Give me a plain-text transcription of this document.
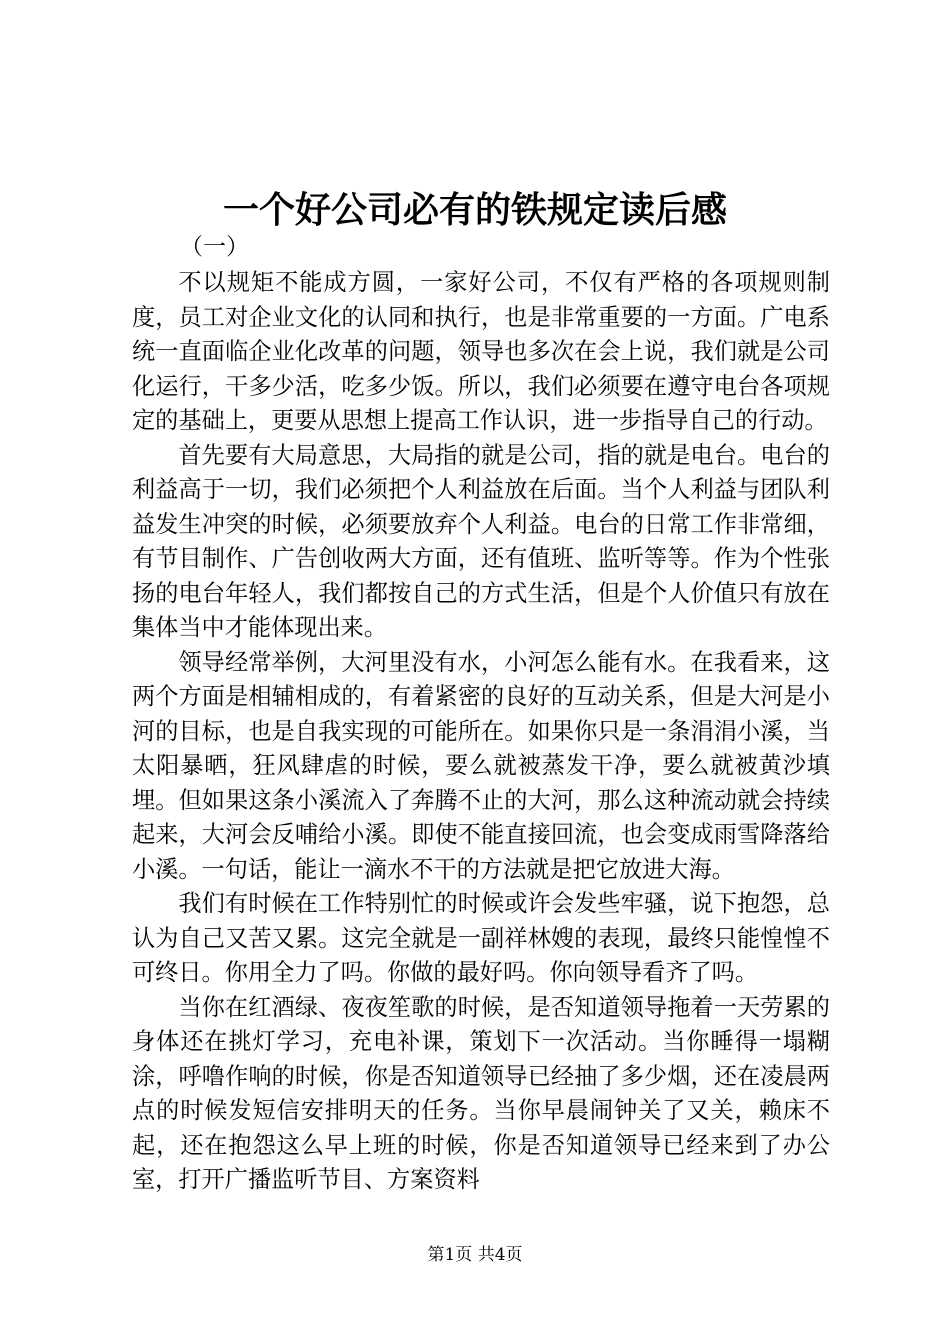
一个好公司必有的铁规定读后感
（一）

不以规矩不能成方圆，一家好公司，不仅有严格的各项规则制度，员工对企业文化的认同和执行，也是非常重要的一方面。广电系统一直面临企业化改革的问题，领导也多次在会上说，我们就是公司化运行，干多少活，吃多少饭。所以，我们必须要在遵守电台各项规定的基础上，更要从思想上提高工作认识，进一步指导自己的行动。

首先要有大局意思，大局指的就是公司，指的就是电台。电台的利益高于一切，我们必须把个人利益放在后面。当个人利益与团队利益发生冲突的时候，必须要放弃个人利益。电台的日常工作非常细，有节目制作、广告创收两大方面，还有值班、监听等等。作为个性张扬的电台年轻人，我们都按自己的方式生活，但是个人价值只有放在集体当中才能体现出来。

领导经常举例，大河里没有水，小河怎么能有水。在我看来，这两个方面是相辅相成的，有着紧密的良好的互动关系，但是大河是小河的目标，也是自我实现的可能所在。如果你只是一条涓涓小溪，当太阳暴晒，狂风肆虐的时候，要么就被蒸发干净，要么就被黄沙填埋。但如果这条小溪流入了奔腾不止的大河，那么这种流动就会持续起来，大河会反哺给小溪。即使不能直接回流，也会变成雨雪降落给小溪。一句话，能让一滴水不干的方法就是把它放进大海。

我们有时候在工作特别忙的时候或许会发些牢骚，说下抱怨，总认为自己又苦又累。这完全就是一副祥林嫂的表现，最终只能惶惶不可终日。你用全力了吗。你做的最好吗。你向领导看齐了吗。

当你在红酒绿、夜夜笙歌的时候，是否知道领导拖着一天劳累的身体还在挑灯学习，充电补课，策划下一次活动。当你睡得一塌糊涂，呼噜作响的时候，你是否知道领导已经抽了多少烟，还在凌晨两点的时候发短信安排明天的任务。当你早晨闹钟关了又关，赖床不起，还在抱怨这么早上班的时候，你是否知道领导已经来到了办公室，打开广播监听节目、方案资料

第1页 共4页
